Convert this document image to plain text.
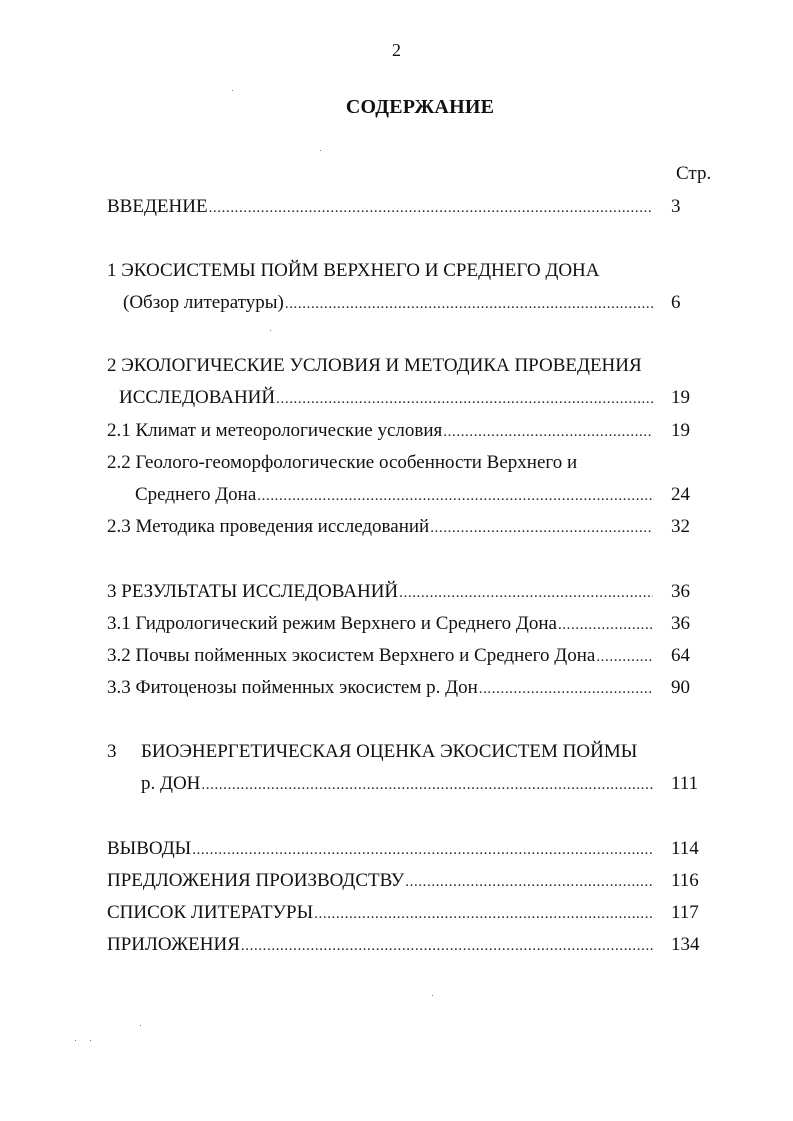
2
СОДЕРЖАНИЕ
Стр.
ВВЕДЕНИЕ .....	3
1 ЭКОСИСТЕМЫ ПОЙМ ВЕРХНЕГО И СРЕДНЕГО ДОНА
(Обзор литературы) .....	6
2 ЭКОЛОГИЧЕСКИЕ УСЛОВИЯ И МЕТОДИКА ПРОВЕДЕНИЯ
ИССЛЕДОВАНИЙ .....	19
2.1 Климат и метеорологические условия .....	19
2.2 Геолого-геоморфологические особенности Верхнего и
Среднего Дона .....	24
2.3 Методика проведения исследований .....	32
3 РЕЗУЛЬТАТЫ ИССЛЕДОВАНИЙ .....	36
3.1 Гидрологический режим Верхнего и Среднего Дона .....	36
3.2 Почвы пойменных экосистем Верхнего и Среднего Дона .....	64
3.3 Фитоценозы пойменных экосистем р. Дон .....	90
3 БИОЭНЕРГЕТИЧЕСКАЯ ОЦЕНКА ЭКОСИСТЕМ ПОЙМЫ
р. ДОН .....	111
ВЫВОДЫ .....	114
ПРЕДЛОЖЕНИЯ ПРОИЗВОДСТВУ .....	116
СПИСОК ЛИТЕРАТУРЫ .....	117
ПРИЛОЖЕНИЯ .....	134
